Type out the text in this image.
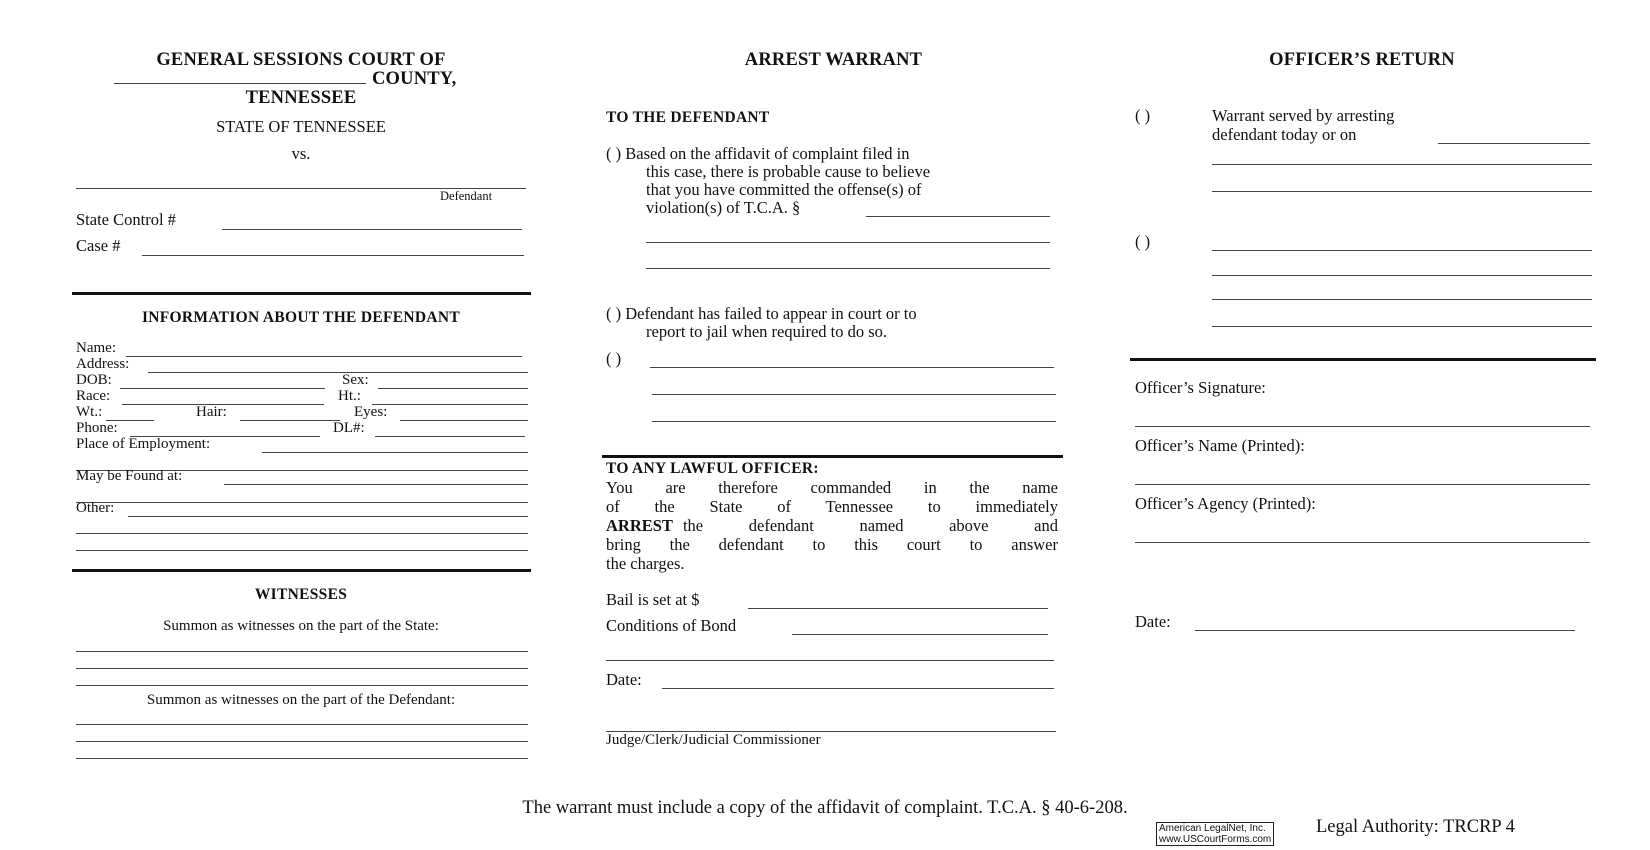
GENERAL SESSIONS COURT OF
COUNTY,
TENNESSEE
STATE OF TENNESSEE
vs.
Defendant
State Control #
Case #
INFORMATION ABOUT THE DEFENDANT
Name:
Address:
DOB:	Sex:
Race:	Ht.:
Wt.:	Hair:	Eyes:
Phone:	DL#:
Place of Employment:
May be Found at:
Other:
WITNESSES
Summon as witnesses on the part of the State:
Summon as witnesses on the part of the Defendant:
ARREST WARRANT
TO THE DEFENDANT
( ) Based on the affidavit of complaint filed in
this case, there is probable cause to believe
that you have committed the offense(s) of
violation(s) of T.C.A. §
( ) Defendant has failed to appear in court or to
report to jail when required to do so.
( )
TO ANY LAWFUL OFFICER:
You are therefore commanded in the name
of the State of Tennessee to immediately
ARREST the defendant named above and
bring the defendant to this court to answer
the charges.
Bail is set at $
Conditions of Bond
Date:
Judge/Clerk/Judicial Commissioner
OFFICER’S RETURN
( )	Warrant served by arresting
defendant today or on
( )
Officer’s Signature:
Officer’s Name (Printed):
Officer’s Agency (Printed):
Date:
The warrant must include a copy of the affidavit of complaint. T.C.A. § 40-6-208.
American LegalNet, Inc.
www.USCourtForms.com
Legal Authority: TRCRP 4
